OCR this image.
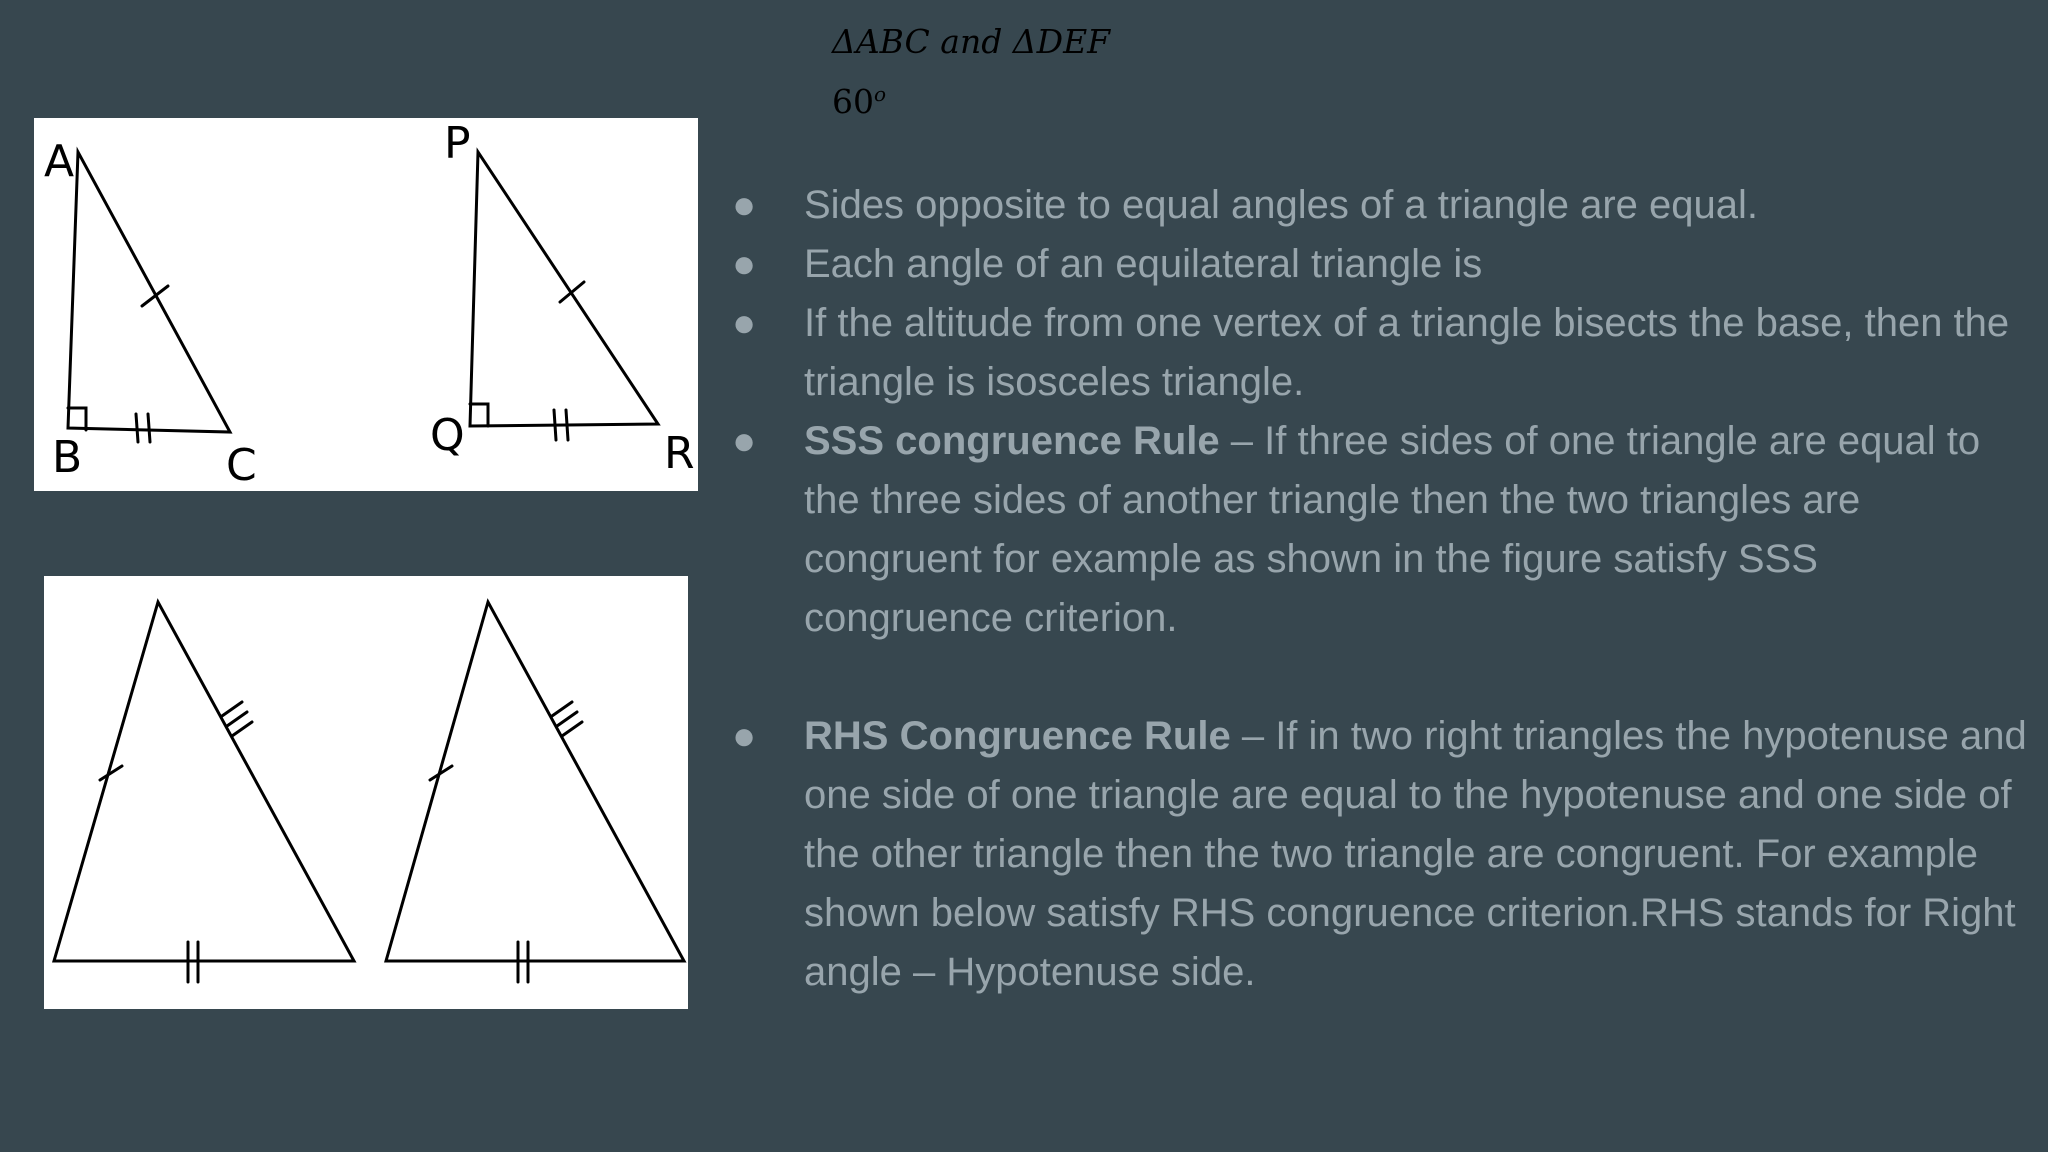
ΔABC and ΔDEF
60$^o$
A
B	C
P
Q	R
● Sides opposite to equal angles of a triangle are equal.
● Each angle of an equilateral triangle is
● If the altitude from one vertex of a triangle bisects the base, then the triangle is isosceles triangle.
● SSS congruence Rule – If three sides of one triangle are equal to the three sides of another triangle then the two triangles are congruent for example as shown in the figure satisfy SSS congruence criterion.
● RHS Congruence Rule – If in two right triangles the hypotenuse and one side of one triangle are equal to the hypotenuse and one side of the other triangle then the two triangle are congruent. For example shown below satisfy RHS congruence criterion.RHS stands for Right angle – Hypotenuse side.
